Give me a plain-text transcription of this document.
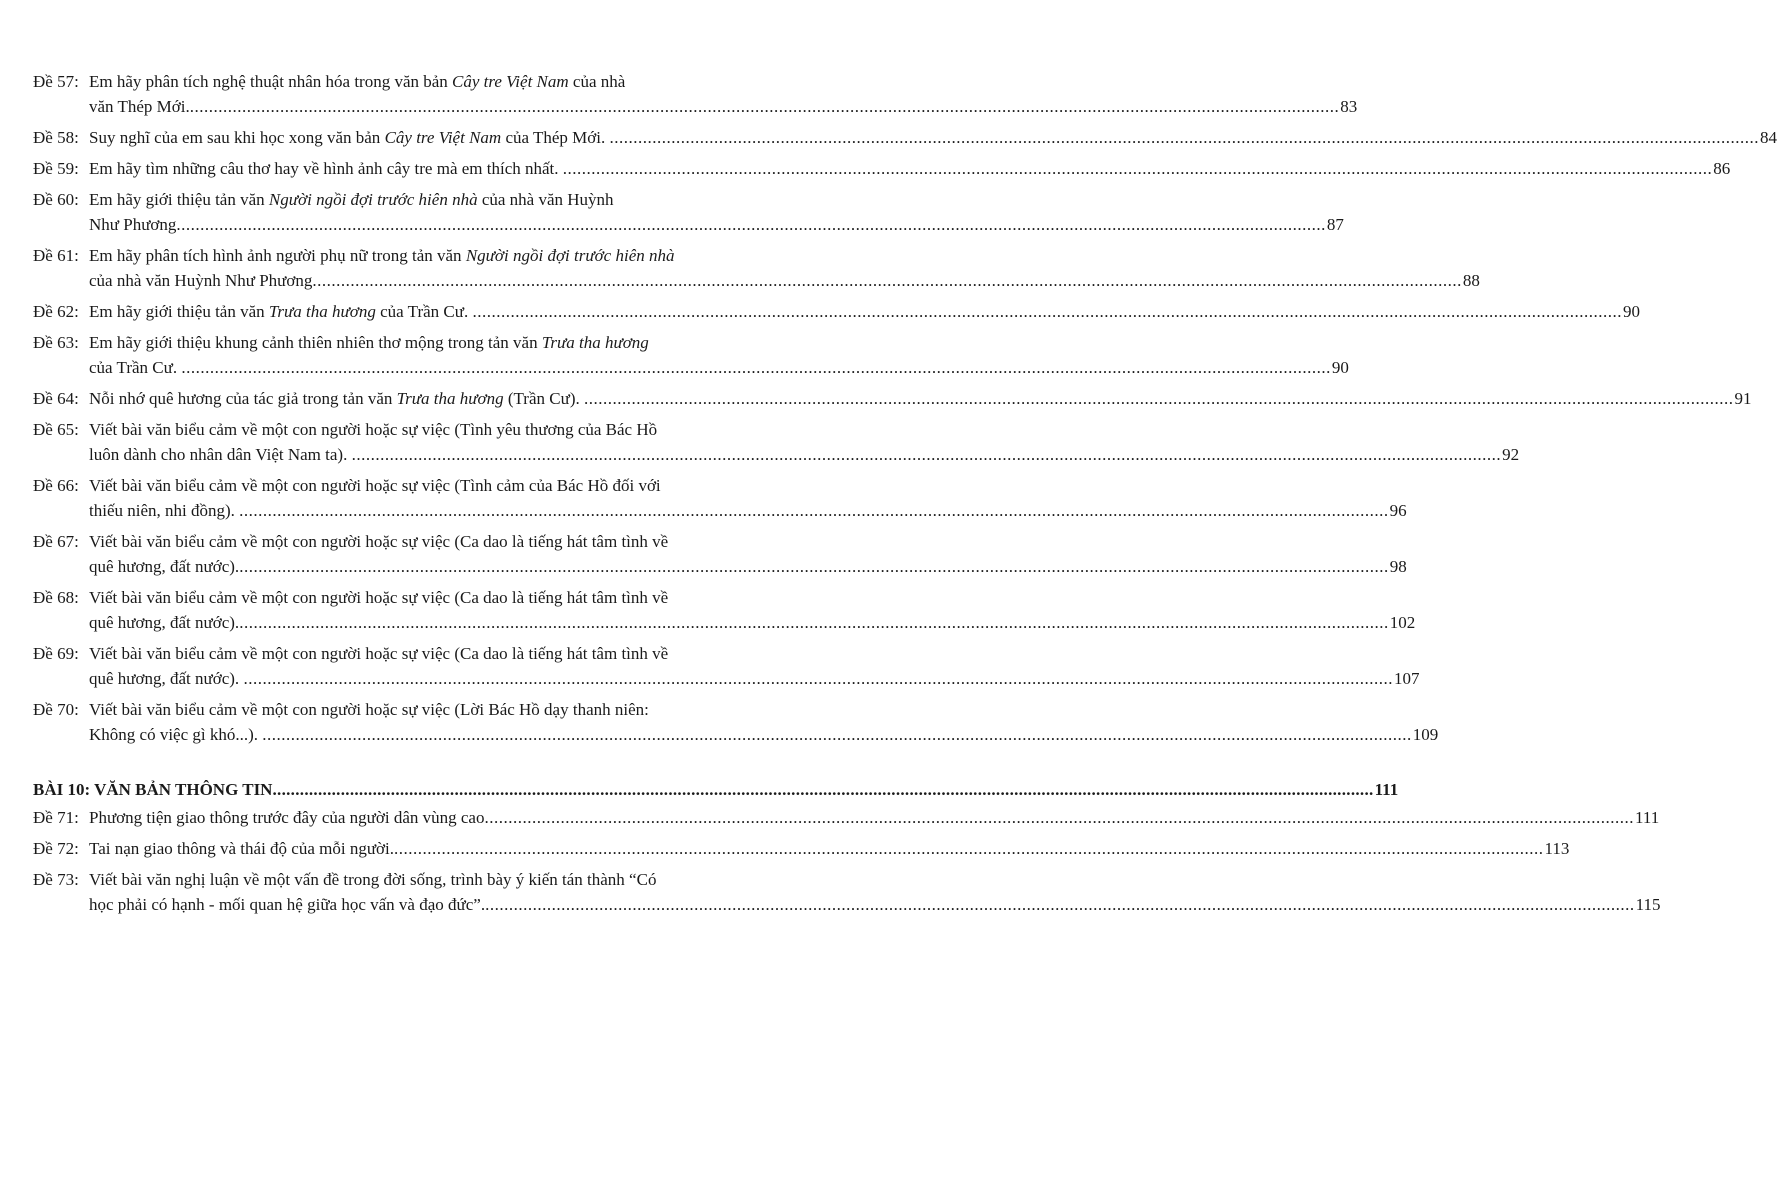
Đề 57: Em hãy phân tích nghệ thuật nhân hóa trong văn bản Cây tre Việt Nam của nhà
văn Thép Mới. .....	83
Đề 58: Suy nghĩ của em sau khi học xong văn bản Cây tre Việt Nam của Thép Mới. .....	84
Đề 59: Em hãy tìm những câu thơ hay về hình ảnh cây tre mà em thích nhất. .....	86
Đề 60: Em hãy giới thiệu tản văn Người ngồi đợi trước hiên nhà của nhà văn Huỳnh
Như Phương .....	87
Đề 61: Em hãy phân tích hình ảnh người phụ nữ trong tản văn Người ngồi đợi trước hiên nhà
của nhà văn Huỳnh Như Phương .....	88
Đề 62: Em hãy giới thiệu tản văn Trưa tha hương của Trần Cư. .....	90
Đề 63: Em hãy giới thiệu khung cảnh thiên nhiên thơ mộng trong tản văn Trưa tha hương
của Trần Cư. .....	90
Đề 64: Nỗi nhớ quê hương của tác giả trong tản văn Trưa tha hương (Trần Cư). .....	91
Đề 65: Viết bài văn biểu cảm về một con người hoặc sự việc (Tình yêu thương của Bác Hồ
luôn dành cho nhân dân Việt Nam ta). .....	92
Đề 66: Viết bài văn biểu cảm về một con người hoặc sự việc (Tình cảm của Bác Hồ đối với
thiếu niên, nhi đồng). .....	96
Đề 67: Viết bài văn biểu cảm về một con người hoặc sự việc (Ca dao là tiếng hát tâm tình về
quê hương, đất nước). .....	98
Đề 68: Viết bài văn biểu cảm về một con người hoặc sự việc (Ca dao là tiếng hát tâm tình về
quê hương, đất nước). .....	102
Đề 69: Viết bài văn biểu cảm về một con người hoặc sự việc (Ca dao là tiếng hát tâm tình về
quê hương, đất nước). .....	107
Đề 70: Viết bài văn biểu cảm về một con người hoặc sự việc (Lời Bác Hồ dạy thanh niên:
Không có việc gì khó...). .....	109
BÀI 10: VĂN BẢN THÔNG TIN .....	111
Đề 71: Phương tiện giao thông trước đây của người dân vùng cao .....	111
Đề 72: Tai nạn giao thông và thái độ của mỗi người. .....	113
Đề 73: Viết bài văn nghị luận về một vấn đề trong đời sống, trình bày ý kiến tán thành “Có
học phải có hạnh - mối quan hệ giữa học vấn và đạo đức”. .....	115
